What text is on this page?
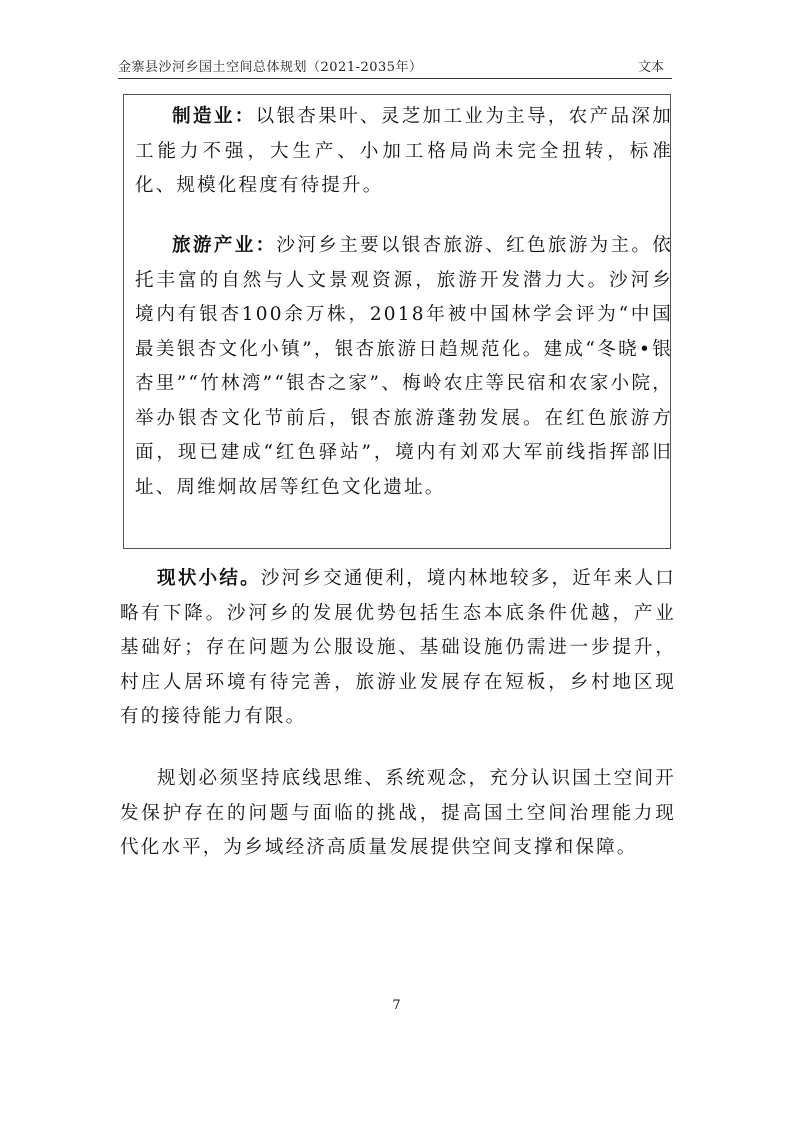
金寨县沙河乡国土空间总体规划（2021-2035年）	文本

制造业：以银杏果叶、灵芝加工业为主导，农产品深加工能力不强，大生产、小加工格局尚未完全扭转，标准化、规模化程度有待提升。

旅游产业：沙河乡主要以银杏旅游、红色旅游为主。依托丰富的自然与人文景观资源，旅游开发潜力大。沙河乡境内有银杏100余万株，2018年被中国林学会评为“中国最美银杏文化小镇”，银杏旅游日趋规范化。建成“冬晓•银杏里”“竹林湾”“银杏之家”、梅岭农庄等民宿和农家小院，举办银杏文化节前后，银杏旅游蓬勃发展。在红色旅游方面，现已建成“红色驿站”，境内有刘邓大军前线指挥部旧址、周维炯故居等红色文化遗址。

现状小结。沙河乡交通便利，境内林地较多，近年来人口略有下降。沙河乡的发展优势包括生态本底条件优越，产业基础好；存在问题为公服设施、基础设施仍需进一步提升，村庄人居环境有待完善，旅游业发展存在短板，乡村地区现有的接待能力有限。

规划必须坚持底线思维、系统观念，充分认识国土空间开发保护存在的问题与面临的挑战，提高国土空间治理能力现代化水平，为乡域经济高质量发展提供空间支撑和保障。

7
